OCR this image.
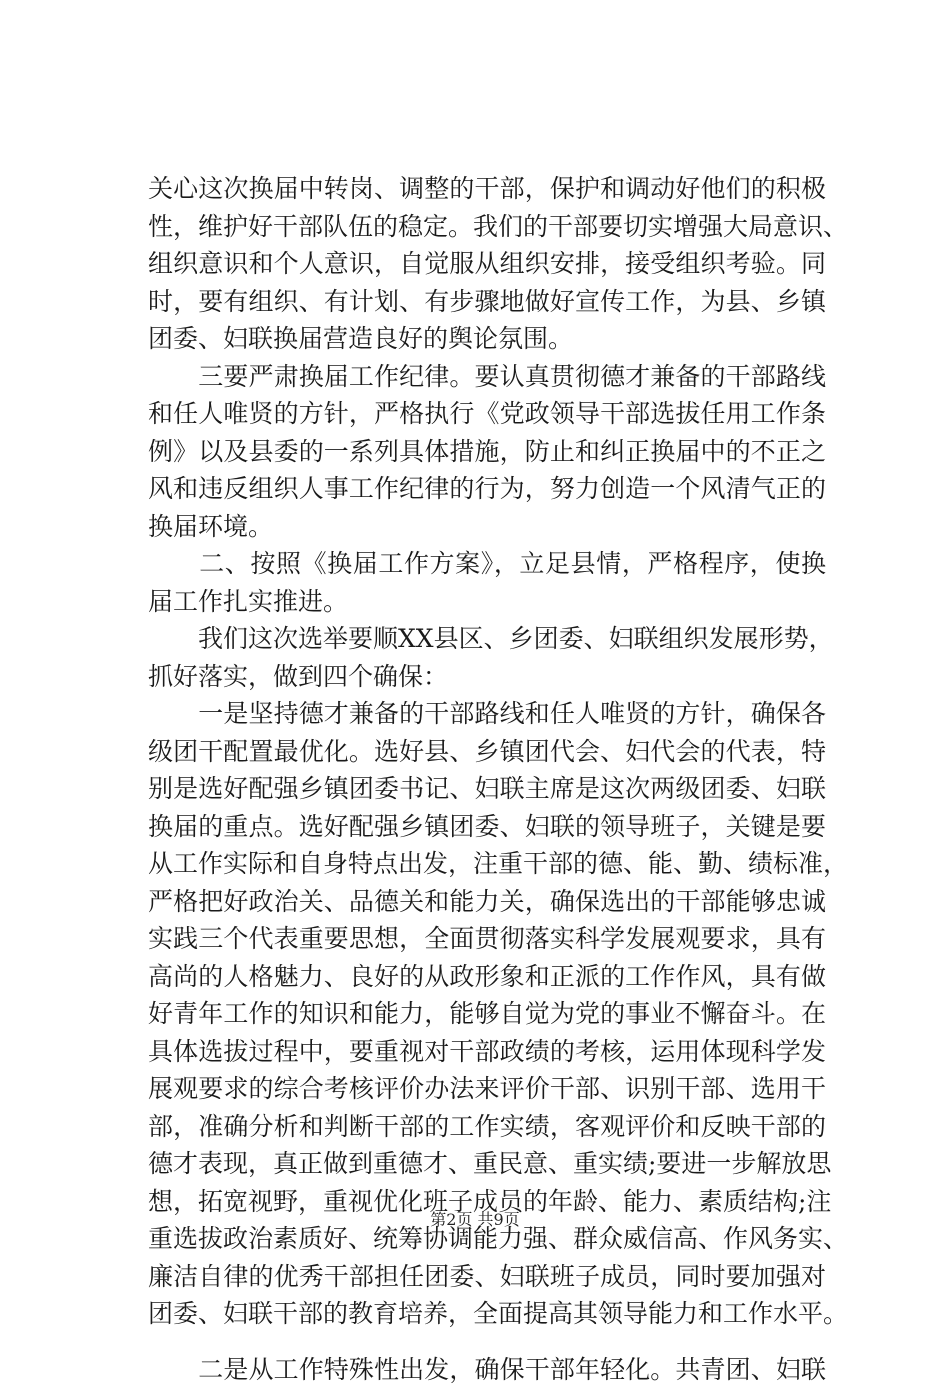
关心这次换届中转岗、调整的干部，保护和调动好他们的积极
性，维护好干部队伍的稳定。我们的干部要切实增强大局意识、
组织意识和个人意识，自觉服从组织安排，接受组织考验。同
时，要有组织、有计划、有步骤地做好宣传工作，为县、乡镇
团委、妇联换届营造良好的舆论氛围。
　　三要严肃换届工作纪律。要认真贯彻德才兼备的干部路线
和任人唯贤的方针，严格执行《党政领导干部选拔任用工作条
例》以及县委的一系列具体措施，防止和纠正换届中的不正之
风和违反组织人事工作纪律的行为，努力创造一个风清气正的
换届环境。
　　二、按照《换届工作方案》，立足县情，严格程序，使换
届工作扎实推进。
　　我们这次选举要顺XX县区、乡团委、妇联组织发展形势，
抓好落实，做到四个确保：
　　一是坚持德才兼备的干部路线和任人唯贤的方针，确保各
级团干配置最优化。选好县、乡镇团代会、妇代会的代表，特
别是选好配强乡镇团委书记、妇联主席是这次两级团委、妇联
换届的重点。选好配强乡镇团委、妇联的领导班子，关键是要
从工作实际和自身特点出发，注重干部的德、能、勤、绩标准，
严格把好政治关、品德关和能力关，确保选出的干部能够忠诚
实践三个代表重要思想，全面贯彻落实科学发展观要求，具有
高尚的人格魅力、良好的从政形象和正派的工作作风，具有做
好青年工作的知识和能力，能够自觉为党的事业不懈奋斗。在
具体选拔过程中，要重视对干部政绩的考核，运用体现科学发
展观要求的综合考核评价办法来评价干部、识别干部、选用干
部，准确分析和判断干部的工作实绩，客观评价和反映干部的
德才表现，真正做到重德才、重民意、重实绩;要进一步解放思
想，拓宽视野，重视优化班子成员的年龄、能力、素质结构;注
重选拔政治素质好、统筹协调能力强、群众威信高、作风务实、
廉洁自律的优秀干部担任团委、妇联班子成员，同时要加强对
团委、妇联干部的教育培养，全面提高其领导能力和工作水平。
　　二是从工作特殊性出发，确保干部年轻化。共青团、妇联
第2页 共9页
